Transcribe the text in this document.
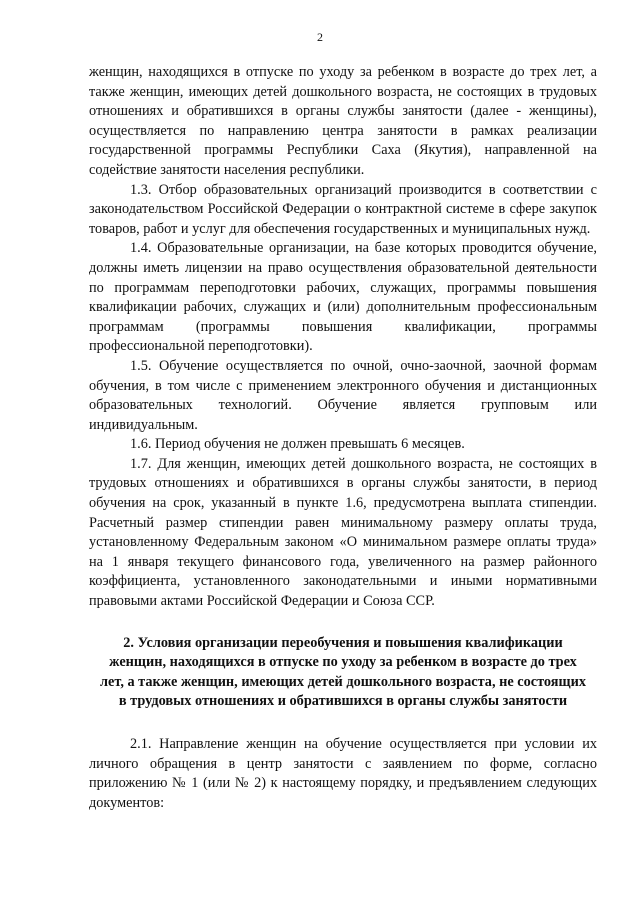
2

женщин, находящихся в отпуске по уходу за ребенком в возрасте до трех лет, а также женщин, имеющих детей дошкольного возраста, не состоящих в трудовых отношениях и обратившихся в органы службы занятости (далее - женщины), осуществляется по направлению центра занятости в рамках реализации государственной программы Республики Саха (Якутия), направленной на содействие занятости населения республики.

1.3. Отбор образовательных организаций производится в соответствии с законодательством Российской Федерации о контрактной системе в сфере закупок товаров, работ и услуг для обеспечения государственных и муниципальных нужд.

1.4. Образовательные организации, на базе которых проводится обучение, должны иметь лицензии на право осуществления образовательной деятельности по программам переподготовки рабочих, служащих, программы повышения квалификации рабочих, служащих и (или) дополнительным профессиональным программам (программы повышения квалификации, программы профессиональной переподготовки).

1.5. Обучение осуществляется по очной, очно-заочной, заочной формам обучения, в том числе с применением электронного обучения и дистанционных образовательных технологий. Обучение является групповым или индивидуальным.

1.6. Период обучения не должен превышать 6 месяцев.

1.7. Для женщин, имеющих детей дошкольного возраста, не состоящих в трудовых отношениях и обратившихся в органы службы занятости, в период обучения на срок, указанный в пункте 1.6, предусмотрена выплата стипендии. Расчетный размер стипендии равен минимальному размеру оплаты труда, установленному Федеральным законом «О минимальном размере оплаты труда» на 1 января текущего финансового года, увеличенного на размер районного коэффициента, установленного законодательными и иными нормативными правовыми актами Российской Федерации и Союза ССР.

2. Условия организации переобучения и повышения квалификации женщин, находящихся в отпуске по уходу за ребенком в возрасте до трех лет, а также женщин, имеющих детей дошкольного возраста, не состоящих в трудовых отношениях и обратившихся в органы службы занятости

2.1. Направление женщин на обучение осуществляется при условии их личного обращения в центр занятости с заявлением по форме, согласно приложению № 1 (или № 2) к настоящему порядку, и предъявлением следующих документов:
